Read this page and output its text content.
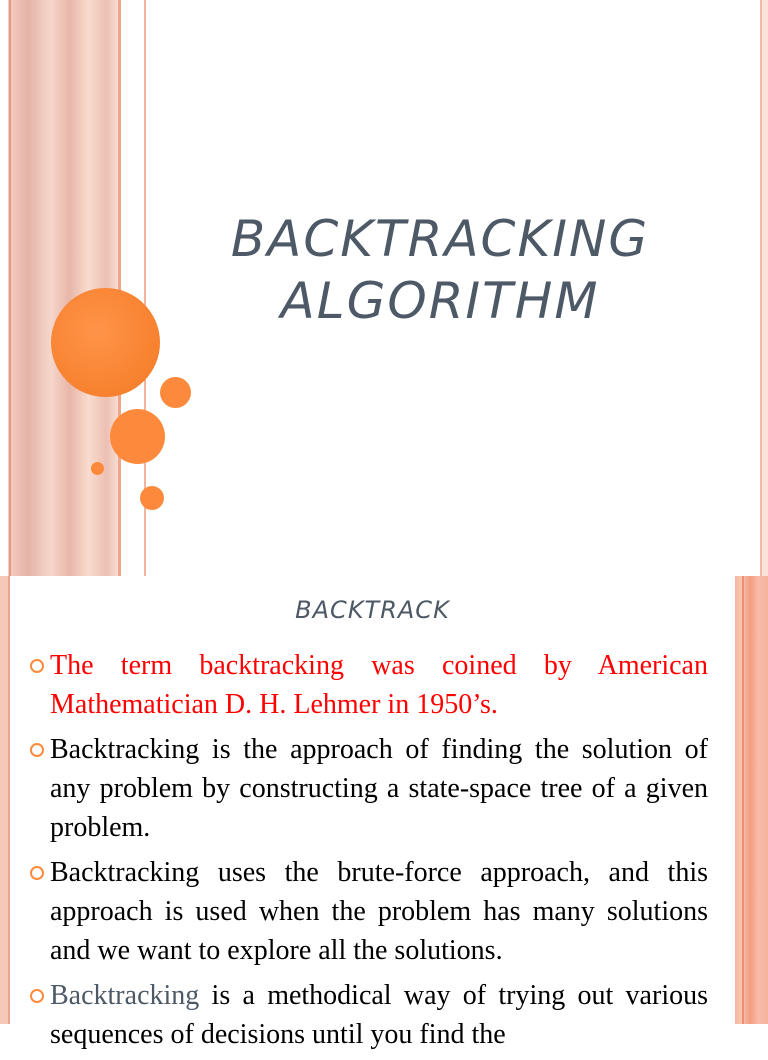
BACKTRACKING ALGORITHM
BACKTRACK
The term backtracking was coined by American Mathematician D. H. Lehmer in 1950’s.
Backtracking is the approach of finding the solution of any problem by constructing a state-space tree of a given problem.
Backtracking uses the brute-force approach, and this approach is used when the problem has many solutions and we want to explore all the solutions.
Backtracking is a methodical way of trying out various sequences of decisions until you find the
